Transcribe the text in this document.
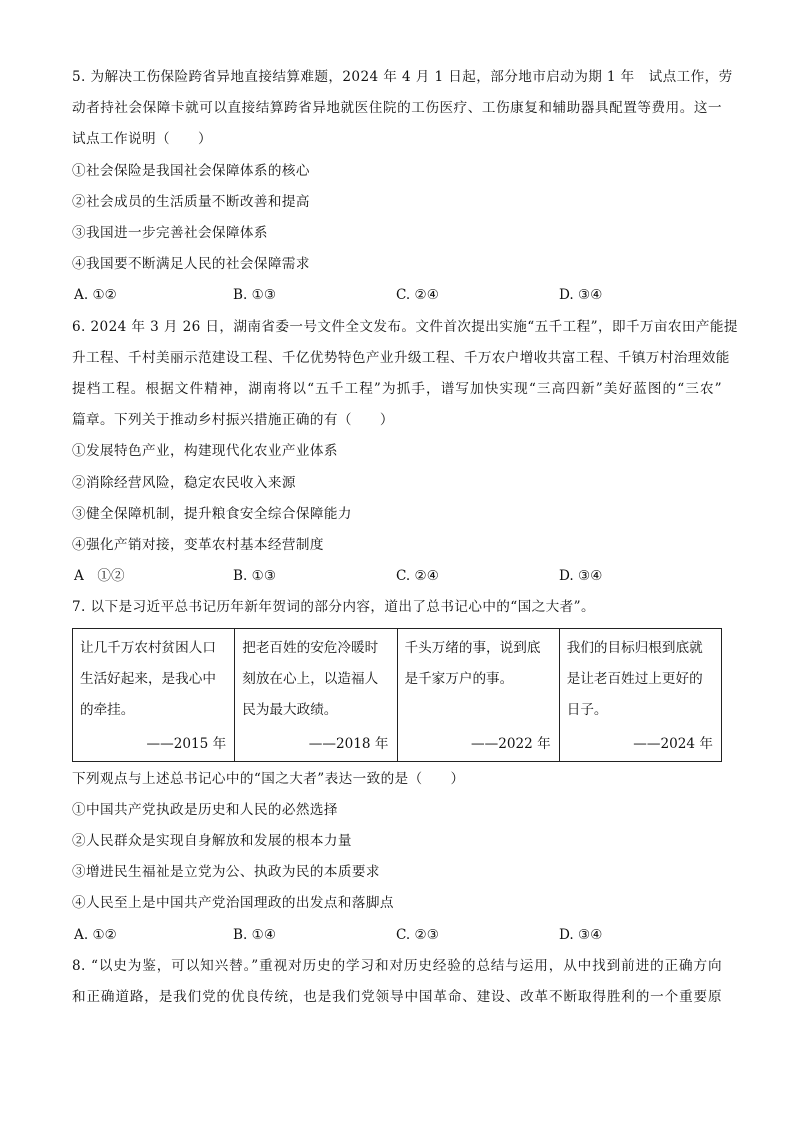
5. 为解决工伤保险跨省异地直接结算难题，2024 年 4 月 1 日起，部分地市启动为期 1 年　试点工作，劳
动者持社会保障卡就可以直接结算跨省异地就医住院的工伤医疗、工伤康复和辅助器具配置等费用。这一
试点工作说明（　　）
①社会保险是我国社会保障体系的核心
②社会成员的生活质量不断改善和提高
③我国进一步完善社会保障体系
④我国要不断满足人民的社会保障需求
A. ①②	B. ①③	C. ②④	D. ③④
6. 2024 年 3 月 26 日，湖南省委一号文件全文发布。文件首次提出实施“五千工程”，即千万亩农田产能提
升工程、千村美丽示范建设工程、千亿优势特色产业升级工程、千万农户增收共富工程、千镇万村治理效能
提档工程。根据文件精神，湖南将以“五千工程”为抓手，谱写加快实现“三高四新”美好蓝图的“三农”
篇章。下列关于推动乡村振兴措施正确的有（　　）
①发展特色产业，构建现代化农业产业体系
②消除经营风险，稳定农民收入来源
③健全保障机制，提升粮食安全综合保障能力
④强化产销对接，变革农村基本经营制度
A　①②	B. ①③	C. ②④	D. ③④
7. 以下是习近平总书记历年新年贺词的部分内容，道出了总书记心中的“国之大者”。
让几千万农村贫困人口生活好起来，是我心中的牵挂。
——2015 年

把老百姓的安危冷暖时刻放在心上，以造福人民为最大政绩。
——2018 年

千头万绪的事，说到底是千家万户的事。
——2022 年

我们的目标归根到底就是让老百姓过上更好的日子。
——2024 年
下列观点与上述总书记心中的“国之大者”表达一致的是（　　）
①中国共产党执政是历史和人民的必然选择
②人民群众是实现自身解放和发展的根本力量
③增进民生福祉是立党为公、执政为民的本质要求
④人民至上是中国共产党治国理政的出发点和落脚点
A. ①②	B. ①④	C. ②③	D. ③④
8. “以史为鉴，可以知兴替。”重视对历史的学习和对历史经验的总结与运用，从中找到前进的正确方向
和正确道路，是我们党的优良传统，也是我们党领导中国革命、建设、改革不断取得胜利的一个重要原
